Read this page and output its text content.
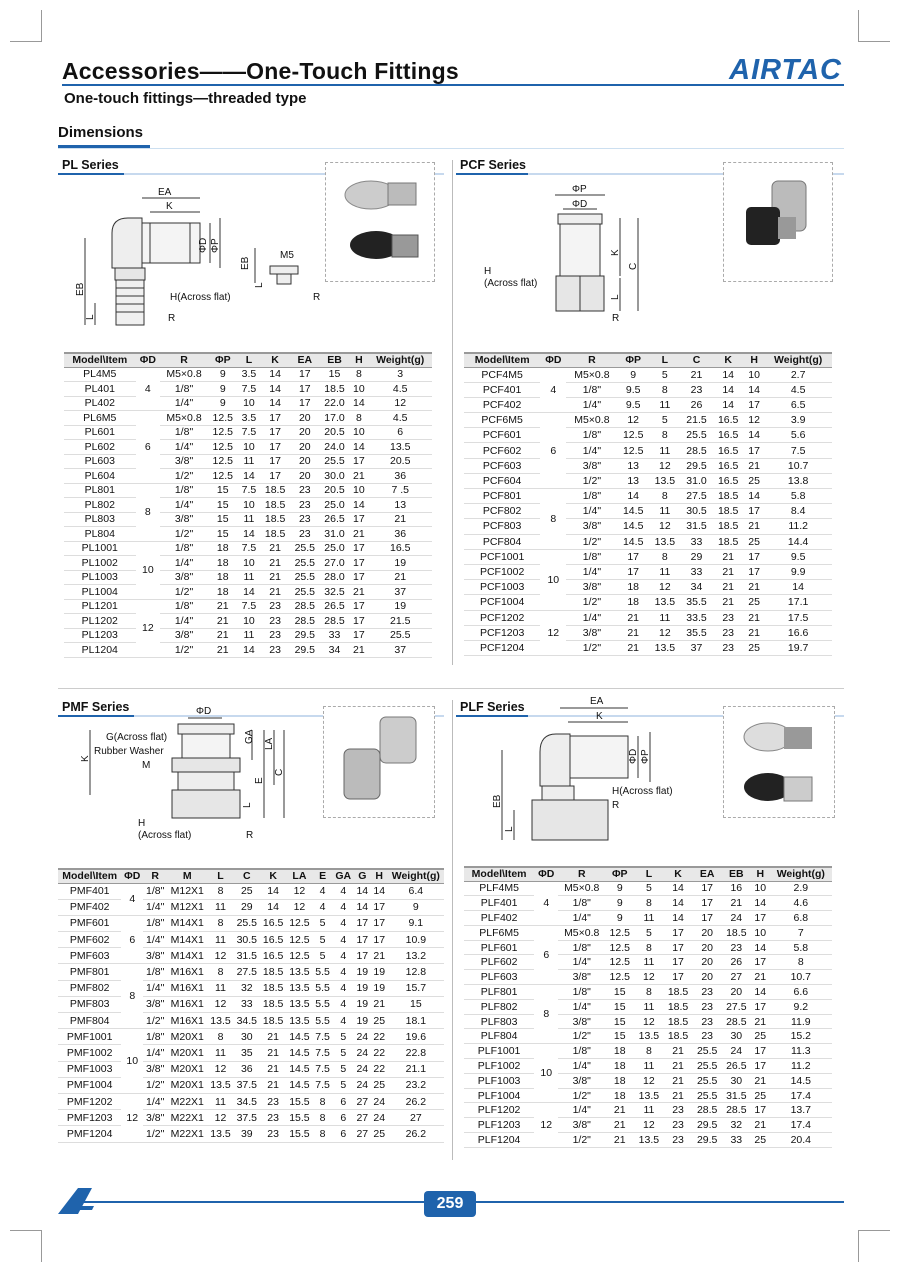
Accessories——One-Touch Fittings
One-touch fittings—threaded type
AIRTAC
Dimensions
PL Series	PCF Series
PMF Series	PLF Series
EA
K
ΦD ΦP
EB
EB
L
H(Across flat)
R
M5
R
L
ΦP
ΦD
K
C
H
(Across flat)
L
R
ΦD
G(Across flat)
Rubber Washer
M
K
GA LA
E
C
L
H
(Across flat)	R
EA
K
ΦD ΦP
EB
L
H(Across flat)
R
Model\Item	ΦD	R	ΦP	L	K	EA	EB	H	Weight(g)
PL4M5	4	M5×0.8	9	3.5	14	17	15	8	3
PL401		1/8"	9	7.5	14	17	18.5	10	4.5
PL402		1/4"	9	10	14	17	22.0	14	12
PL6M5	6	M5×0.8	12.5	3.5	17	20	17.0	8	4.5
PL601		1/8"	12.5	7.5	17	20	20.5	10	6
PL602		1/4"	12.5	10	17	20	24.0	14	13.5
PL603		3/8"	12.5	11	17	20	25.5	17	20.5
PL604		1/2"	12.5	14	17	20	30.0	21	36
PL801	8	1/8"	15	7.5	18.5	23	20.5	10	7 .5
PL802		1/4"	15	10	18.5	23	25.0	14	13
PL803		3/8"	15	11	18.5	23	26.5	17	21
PL804		1/2"	15	14	18.5	23	31.0	21	36
PL1001	10	1/8"	18	7.5	21	25.5	25.0	17	16.5
PL1002		1/4"	18	10	21	25.5	27.0	17	19
PL1003		3/8"	18	11	21	25.5	28.0	17	21
PL1004		1/2"	18	14	21	25.5	32.5	21	37
PL1201	12	1/8"	21	7.5	23	28.5	26.5	17	19
PL1202		1/4"	21	10	23	28.5	28.5	17	21.5
PL1203		3/8"	21	11	23	29.5	33	17	25.5
PL1204		1/2"	21	14	23	29.5	34	21	37
Model\Item	ΦD	R	ΦP	L	C	K	H	Weight(g)
PCF4M5	4	M5×0.8	9	5	21	14	10	2.7
PCF401		1/8"	9.5	8	23	14	14	4.5
PCF402		1/4"	9.5	11	26	14	17	6.5
PCF6M5	6	M5×0.8	12	5	21.5	16.5	12	3.9
PCF601		1/8"	12.5	8	25.5	16.5	14	5.6
PCF602		1/4"	12.5	11	28.5	16.5	17	7.5
PCF603		3/8"	13	12	29.5	16.5	21	10.7
PCF604		1/2"	13	13.5	31.0	16.5	25	13.8
PCF801	8	1/8"	14	8	27.5	18.5	14	5.8
PCF802		1/4"	14.5	11	30.5	18.5	17	8.4
PCF803		3/8"	14.5	12	31.5	18.5	21	11.2
PCF804		1/2"	14.5	13.5	33	18.5	25	14.4
PCF1001	10	1/8"	17	8	29	21	17	9.5
PCF1002		1/4"	17	11	33	21	17	9.9
PCF1003		3/8"	18	12	34	21	21	14
PCF1004		1/2"	18	13.5	35.5	21	25	17.1
PCF1202	12	1/4"	21	11	33.5	23	21	17.5
PCF1203		3/8"	21	12	35.5	23	21	16.6
PCF1204		1/2"	21	13.5	37	23	25	19.7
Model\Item	ΦD	R	M	L	C	K	LA	E	GA	G	H	Weight(g)
PMF401	4	1/8"	M12X1	8	25	14	12	4	4	14	14	6.4
PMF402		1/4"	M12X1	11	29	14	12	4	4	14	17	9
PMF601	6	1/8"	M14X1	8	25.5	16.5	12.5	5	4	17	17	9.1
PMF602		1/4"	M14X1	11	30.5	16.5	12.5	5	4	17	17	10.9
PMF603		3/8"	M14X1	12	31.5	16.5	12.5	5	4	17	21	13.2
PMF801	8	1/8"	M16X1	8	27.5	18.5	13.5	5.5	4	19	19	12.8
PMF802		1/4"	M16X1	11	32	18.5	13.5	5.5	4	19	19	15.7
PMF803		3/8"	M16X1	12	33	18.5	13.5	5.5	4	19	21	15
PMF804		1/2"	M16X1	13.5	34.5	18.5	13.5	5.5	4	19	25	18.1
PMF1001	10	1/8"	M20X1	8	30	21	14.5	7.5	5	24	22	19.6
PMF1002		1/4"	M20X1	11	35	21	14.5	7.5	5	24	22	22.8
PMF1003		3/8"	M20X1	12	36	21	14.5	7.5	5	24	22	21.1
PMF1004		1/2"	M20X1	13.5	37.5	21	14.5	7.5	5	24	25	23.2
PMF1202	12	1/4"	M22X1	11	34.5	23	15.5	8	6	27	24	26.2
PMF1203		3/8"	M22X1	12	37.5	23	15.5	8	6	27	24	27
PMF1204		1/2"	M22X1	13.5	39	23	15.5	8	6	27	25	26.2
Model\Item	ΦD	R	ΦP	L	K	EA	EB	H	Weight(g)
PLF4M5	4	M5×0.8	9	5	14	17	16	10	2.9
PLF401		1/8"	9	8	14	17	21	14	4.6
PLF402		1/4"	9	11	14	17	24	17	6.8
PLF6M5	6	M5×0.8	12.5	5	17	20	18.5	10	7
PLF601		1/8"	12.5	8	17	20	23	14	5.8
PLF602		1/4"	12.5	11	17	20	26	17	8
PLF603		3/8"	12.5	12	17	20	27	21	10.7
PLF801	8	1/8"	15	8	18.5	23	20	14	6.6
PLF802		1/4"	15	11	18.5	23	27.5	17	9.2
PLF803		3/8"	15	12	18.5	23	28.5	21	11.9
PLF804		1/2"	15	13.5	18.5	23	30	25	15.2
PLF1001	10	1/8"	18	8	21	25.5	24	17	11.3
PLF1002		1/4"	18	11	21	25.5	26.5	17	11.2
PLF1003		3/8"	18	12	21	25.5	30	21	14.5
PLF1004		1/2"	18	13.5	21	25.5	31.5	25	17.4
PLF1202	12	1/4"	21	11	23	28.5	28.5	17	13.7
PLF1203		3/8"	21	12	23	29.5	32	21	17.4
PLF1204		1/2"	21	13.5	23	29.5	33	25	20.4
259
